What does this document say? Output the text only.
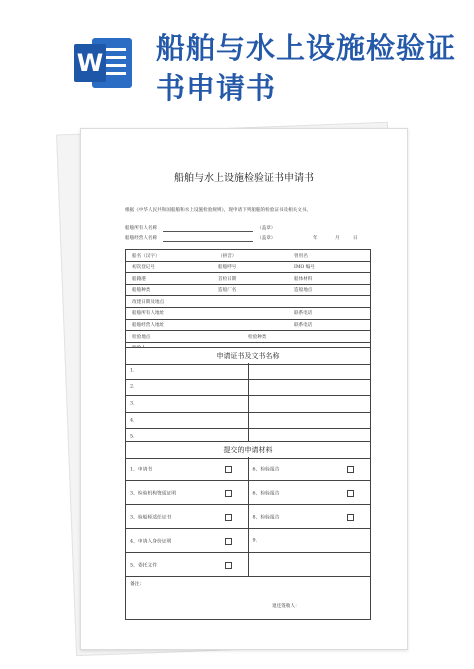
W 船舶与水上设施检验证书申请书
船舶与水上设施检验证书申请书
根据《中华人民共和国船舶和水上设施检验规则》，现申请下列船舶的检验证书及相关文书。
船舶所有人名称	（盖章）
船舶经营人名称	（盖章）	年	月	日
船名（汉字）	（拼音）	曾用名
初次登记号	船舶呼号	IMO 编号
船籍港	首检日期	船体材料
船舶种类	造船厂名	造船地点
改建日期及地点
船舶所有人地址	联系电话
船舶经营人地址	联系电话
检验地点	检验种类
申请证书及文书名称
1.
2.
3.
4.
5.
提交的申请材料
1、申请书	6、检验报告
3、检验机构资质证明	6、检验报告
3、验船师适任证书	8、检验报告
4、申请人身份证明	9.
5、委托文件
备注：
退还签收人：
